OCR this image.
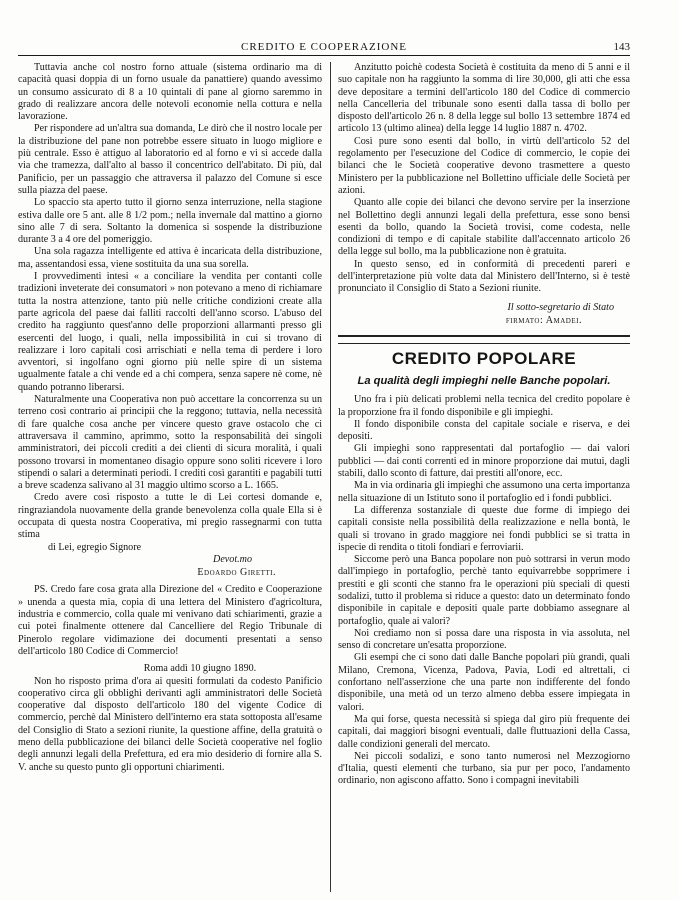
CREDITO E COOPERAZIONE	143

Tuttavia anche col nostro forno attuale (sistema ordinario ma di capacità quasi doppia di un forno usuale da panattiere) quando avessimo un consumo assicurato di 8 a 10 quintali di pane al giorno saremmo in grado di realizzare ancora delle notevoli economie nella cottura e nella lavorazione.

Per rispondere ad un'altra sua domanda, Le dirò che il nostro locale per la distribuzione del pane non potrebbe essere situato in luogo migliore e più centrale. Esso è attiguo al laboratorio ed al forno e vi si accede dalla via che tramezza, dall'alto al basso il concentrico dell'abitato. Di più, dal Panificio, per un passaggio che attraversa il palazzo del Comune si esce sulla piazza del paese.

Lo spaccio sta aperto tutto il giorno senza interruzione, nella stagione estiva dalle ore 5 ant. alle 8 1/2 pom.; nella invernale dal mattino a giorno sino alle 7 di sera. Soltanto la domenica si sospende la distribuzione durante 3 a 4 ore del pomeriggio.

Una sola ragazza intelligente ed attiva è incaricata della distribuzione, ma, assentandosi essa, viene sostituita da una sua sorella.

I provvedimenti intesi « a conciliare la vendita per contanti colle tradizioni inveterate dei consumatori » non potevano a meno di richiamare tutta la nostra attenzione, tanto più nelle critiche condizioni create alla parte agricola del paese dai falliti raccolti dell'anno scorso. L'abuso del credito ha raggiunto quest'anno delle proporzioni allarmanti presso gli esercenti del luogo, i quali, nella impossibilità in cui si trovano di realizzare i loro capitali così arrischiati e nella tema di perdere i loro avventori, si ingolfano ogni giorno più nelle spire di un sistema ugualmente fatale a chi vende ed a chi compera, senza sapere nè come, nè quando potranno liberarsi.

Naturalmente una Cooperativa non può accettare la concorrenza su un terreno così contrario ai principii che la reggono; tuttavia, nella necessità di fare qualche cosa anche per vincere questo grave ostacolo che ci attraversava il cammino, aprimmo, sotto la responsabilità dei singoli amministratori, dei piccoli crediti a dei clienti di sicura moralità, i quali possono trovarsi in momentaneo disagio oppure sono soliti ricevere i loro stipendi o salari a determinati periodi. I crediti così garantiti e pagabili tutti a breve scadenza salivano al 31 maggio ultimo scorso a L. 1665.

Credo avere così risposto a tutte le di Lei cortesi domande e, ringraziandola nuovamente della grande benevolenza colla quale Ella si è occupata di questa nostra Cooperativa, mi pregio rassegnarmi con tutta stima

di Lei, egregio Signore

Devot.mo

Edoardo Giretti.

PS. Credo fare cosa grata alla Direzione del « Credito e Cooperazione » unenda a questa mia, copia di una lettera del Ministero d'agricoltura, industria e commercio, colla quale mi venivano dati schiarimenti, grazie a cui potei finalmente ottenere dal Cancelliere del Regio Tribunale di Pinerolo regolare vidimazione dei documenti presentati a senso dell'articolo 180 Codice di Commercio!

Roma addì 10 giugno 1890.

Non ho risposto prima d'ora ai quesiti formulati da codesto Panificio cooperativo circa gli obblighi derivanti agli amministratori delle Società cooperative dal disposto dell'articolo 180 del vigente Codice di commercio, perchè dal Ministero dell'interno era stata sottoposta all'esame del Consiglio di Stato a sezioni riunite, la questione affine, della gratuità o meno della pubblicazione dei bilanci delle Società cooperative nel foglio degli annunzi legali della Prefettura, ed era mio desiderio di fornire alla S. V. anche su questo punto gli opportuni chiarimenti.

Anzitutto poichè codesta Società è costituita da meno di 5 anni e il suo capitale non ha raggiunto la somma di lire 30,000, gli atti che essa deve depositare a termini dell'articolo 180 del Codice di commercio nella Cancelleria del tribunale sono esenti dalla tassa di bollo per disposto dell'articolo 26 n. 8 della legge sul bollo 13 settembre 1874 ed articolo 13 (ultimo alinea) della legge 14 luglio 1887 n. 4702.

Così pure sono esenti dal bollo, in virtù dell'articolo 52 del regolamento per l'esecuzione del Codice di commercio, le copie dei bilanci che le Società cooperative devono trasmettere a questo Ministero per la pubblicazione nel Bollettino ufficiale delle Società per azioni.

Quanto alle copie dei bilanci che devono servire per la inserzione nel Bollettino degli annunzi legali della prefettura, esse sono bensì esenti da bollo, quando la Società trovisi, come codesta, nelle condizioni di tempo e di capitale stabilite dall'accennato articolo 26 della legge sul bollo, ma la pubblicazione non è gratuita.

In questo senso, ed in conformità di precedenti pareri e dell'interpretazione più volte data dal Ministero dell'Interno, si è testè pronunciato il Consiglio di Stato a Sezioni riunite.

Il sotto-segretario di Stato

firmato: Amadei.

CREDITO POPOLARE
La qualità degli impieghi nelle Banche popolari.

Uno fra i più delicati problemi nella tecnica del credito popolare è la proporzione fra il fondo disponibile e gli impieghi.

Il fondo disponibile consta del capitale sociale e riserva, e dei depositi.

Gli impieghi sono rappresentati dal portafoglio — dai valori pubblici — dai conti correnti ed in minore proporzione dai mutui, dagli stabili, dallo sconto di fatture, dai prestiti all'onore, ecc.

Ma in via ordinaria gli impieghi che assumono una certa importanza nella situazione di un Istituto sono il portafoglio ed i fondi pubblici.

La differenza sostanziale di queste due forme di impiego dei capitali consiste nella possibilità della realizzazione e nella bontà, le quali si trovano in grado maggiore nei fondi pubblici se si tratta in ispecie di rendita o titoli fondiari e ferroviarii.

Siccome però una Banca popolare non può sottrarsi in verun modo dall'impiego in portafoglio, perchè tanto equivarrebbe sopprimere i prestiti e gli sconti che stanno fra le operazioni più speciali di questi sodalizi, tutto il problema si riduce a questo: dato un determinato fondo disponibile in capitale e depositi quale parte dobbiamo assegnare al portafoglio, quale ai valori?

Noi crediamo non si possa dare una risposta in via assoluta, nel senso di concretare un'esatta proporzione.

Gli esempi che ci sono dati dalle Banche popolari più grandi, quali Milano, Cremona, Vicenza, Padova, Pavia, Lodi ed altrettali, ci confortano nell'asserzione che una parte non indifferente del fondo disponibile, una metà od un terzo almeno debba essere impiegata in valori.

Ma qui forse, questa necessità si spiega dal giro più frequente dei capitali, dai maggiori bisogni eventuali, dalle fluttuazioni della Cassa, dalle condizioni generali del mercato.

Nei piccoli sodalizi, e sono tanto numerosi nel Mezzogiorno d'Italia, questi elementi che turbano, sia pur per poco, l'andamento ordinario, non agiscono affatto. Sono i compagni inevitabili
